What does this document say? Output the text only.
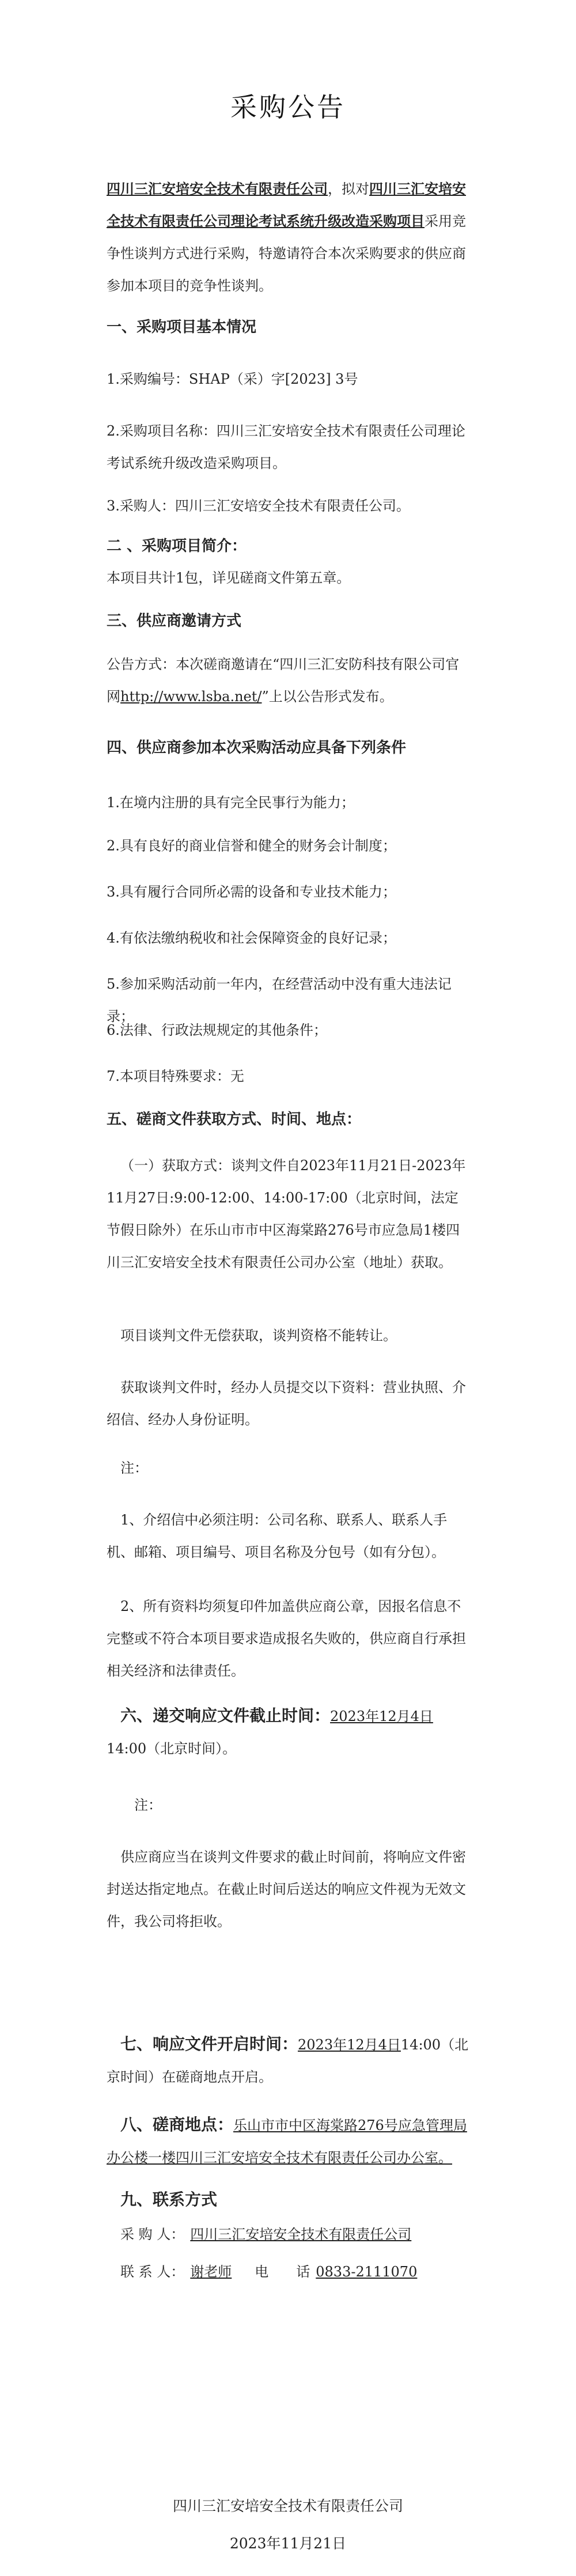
采购公告
四川三汇安培安全技术有限责任公司，拟对四川三汇安培安全技术有限责任公司理论考试系统升级改造采购项目采用竞争性谈判方式进行采购，特邀请符合本次采购要求的供应商参加本项目的竞争性谈判。
一、采购项目基本情况
1.采购编号：SHAP（采）字[2023] 3号
2.采购项目名称：四川三汇安培安全技术有限责任公司理论考试系统升级改造采购项目。
3.采购人：四川三汇安培安全技术有限责任公司。
二 、采购项目简介：
本项目共计1包，详见磋商文件第五章。
三、供应商邀请方式
公告方式：本次磋商邀请在“四川三汇安防科技有限公司官网http://www.lsba.net/”上以公告形式发布。
四、供应商参加本次采购活动应具备下列条件
1.在境内注册的具有完全民事行为能力；
2.具有良好的商业信誉和健全的财务会计制度；
3.具有履行合同所必需的设备和专业技术能力；
4.有依法缴纳税收和社会保障资金的良好记录；
5.参加采购活动前一年内，在经营活动中没有重大违法记录；
6.法律、行政法规规定的其他条件；
7.本项目特殊要求：无
五、磋商文件获取方式、时间、地点：
（一）获取方式：谈判文件自2023年11月21日-2023年11月27日:9:00-12:00、14:00-17:00（北京时间，法定节假日除外）在乐山市市中区海棠路276号市应急局1楼四川三汇安培安全技术有限责任公司办公室（地址）获取。
项目谈判文件无偿获取，谈判资格不能转让。
获取谈判文件时，经办人员提交以下资料：营业执照、介绍信、经办人身份证明。
注：
1、介绍信中必须注明：公司名称、联系人、联系人手机、邮箱、项目编号、项目名称及分包号（如有分包）。
2、所有资料均须复印件加盖供应商公章，因报名信息不完整或不符合本项目要求造成报名失败的，供应商自行承担相关经济和法律责任。
六、递交响应文件截止时间：2023年12月4日14:00（北京时间）。
注：
供应商应当在谈判文件要求的截止时间前，将响应文件密封送达指定地点。在截止时间后送达的响应文件视为无效文件，我公司将拒收。
七、响应文件开启时间：2023年12月4日14:00（北京时间）在磋商地点开启。
八、磋商地点：乐山市市中区海棠路276号应急管理局办公楼一楼四川三汇安培安全技术有限责任公司办公室。
九、联系方式
采 购 人： 四川三汇安培安全技术有限责任公司
联 系 人： 谢老师 电　　话 0833-2111070
四川三汇安培安全技术有限责任公司
2023年11月21日
